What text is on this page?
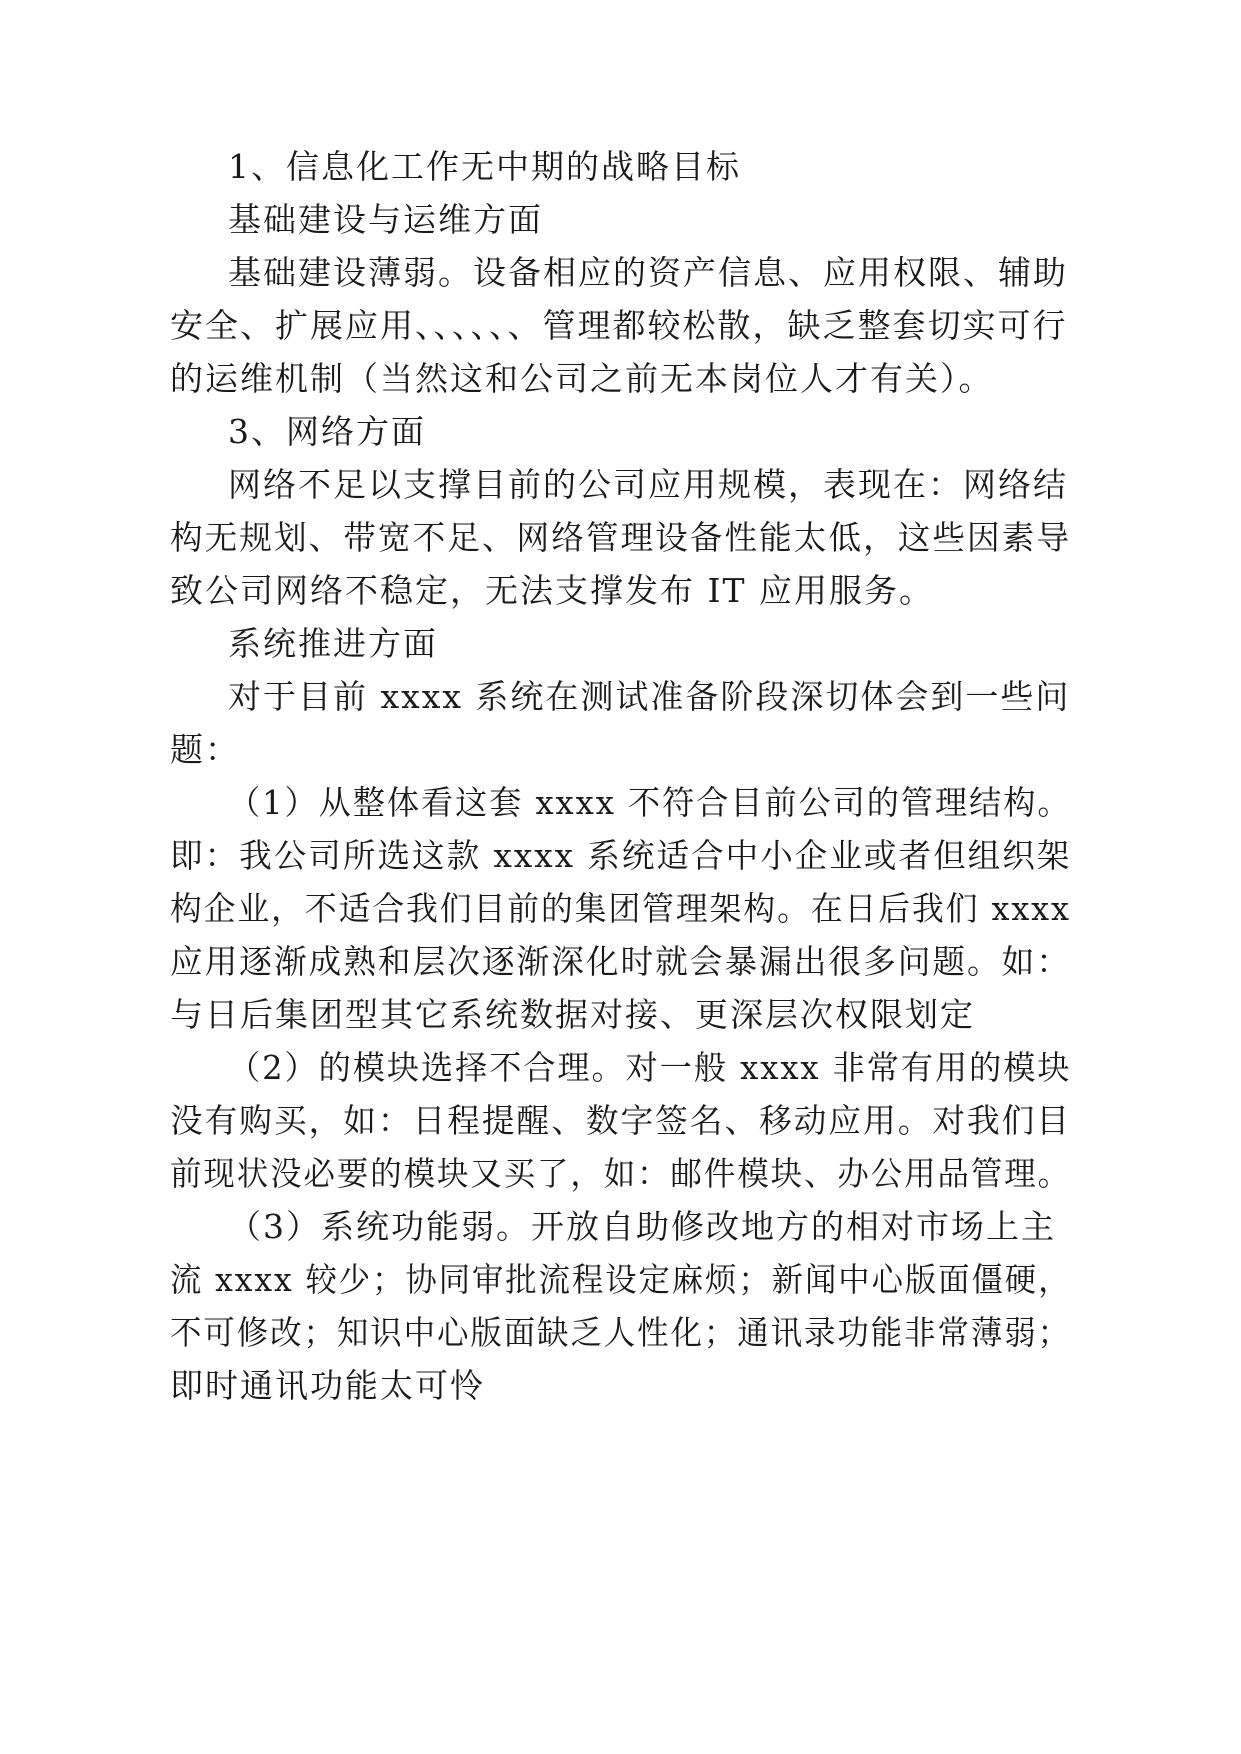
1、信息化工作无中期的战略目标
基础建设与运维方面
基础建设薄弱。设备相应的资产信息、应用权限、辅助
安全、扩展应用、、、、、、管理都较松散，缺乏整套切实可行
的运维机制（当然这和公司之前无本岗位人才有关）。
3、网络方面
网络不足以支撑目前的公司应用规模，表现在：网络结
构无规划、带宽不足、网络管理设备性能太低，这些因素导
致公司网络不稳定，无法支撑发布 IT 应用服务。
系统推进方面
对于目前 xxxx 系统在测试准备阶段深切体会到一些问
题：
（1）从整体看这套 xxxx 不符合目前公司的管理结构。
即：我公司所选这款 xxxx 系统适合中小企业或者但组织架
构企业，不适合我们目前的集团管理架构。在日后我们 xxxx
应用逐渐成熟和层次逐渐深化时就会暴漏出很多问题。如：
与日后集团型其它系统数据对接、更深层次权限划定
（2）的模块选择不合理。对一般 xxxx 非常有用的模块
没有购买，如：日程提醒、数字签名、移动应用。对我们目
前现状没必要的模块又买了，如：邮件模块、办公用品管理。
（3）系统功能弱。开放自助修改地方的相对市场上主
流 xxxx 较少；协同审批流程设定麻烦；新闻中心版面僵硬，
不可修改；知识中心版面缺乏人性化；通讯录功能非常薄弱；
即时通讯功能太可怜
